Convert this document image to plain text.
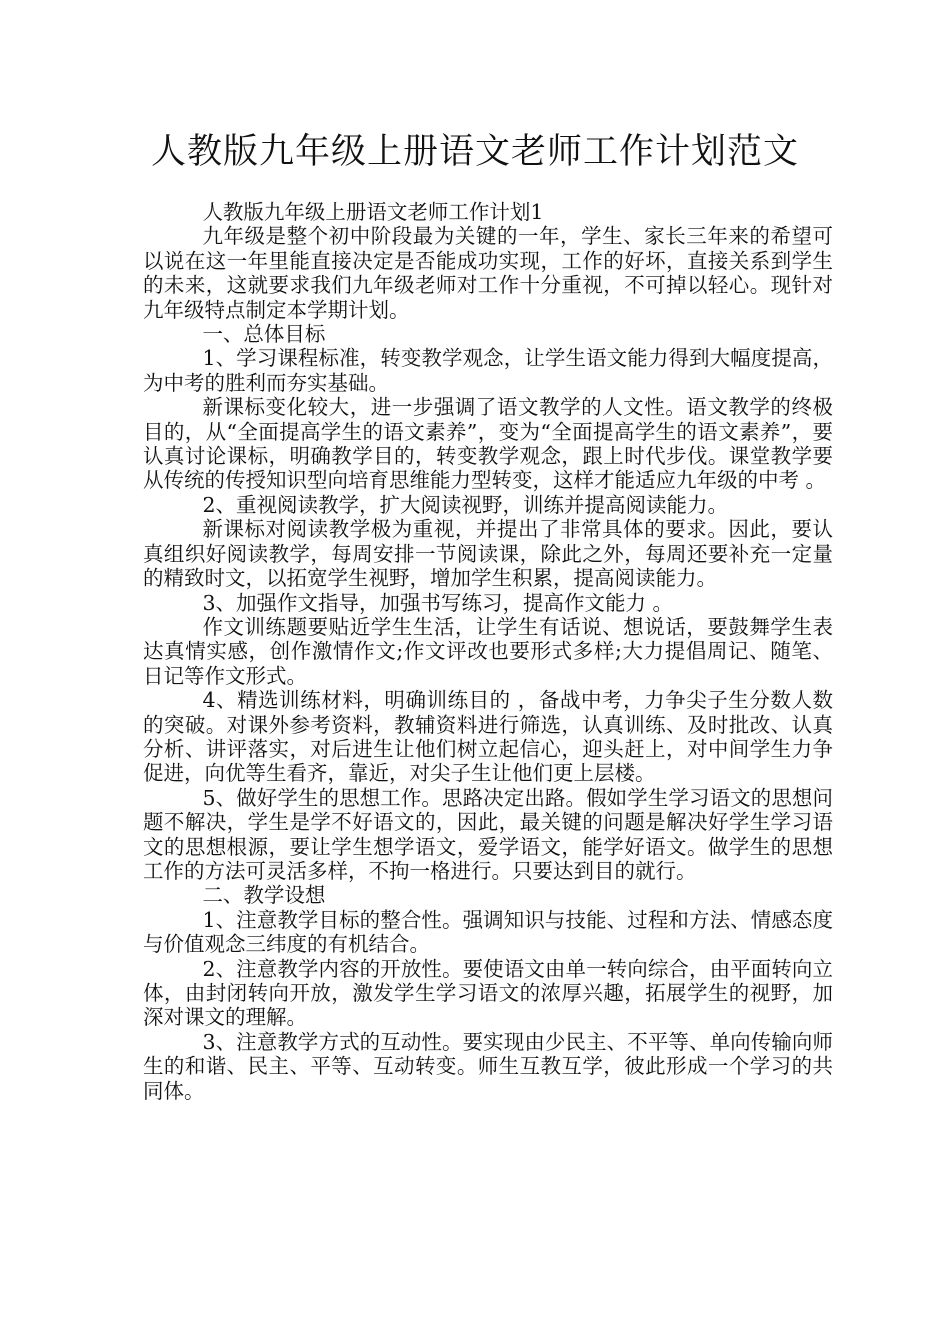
人教版九年级上册语文老师工作计划范文

人教版九年级上册语文老师工作计划1

九年级是整个初中阶段最为关键的一年，学生、家长三年来的希望可以说在这一年里能直接决定是否能成功实现，工作的好坏，直接关系到学生的未来，这就要求我们九年级老师对工作十分重视，不可掉以轻心。现针对九年级特点制定本学期计划。

一、总体目标

1、学习课程标准，转变教学观念，让学生语文能力得到大幅度提高，为中考的胜利而夯实基础。

新课标变化较大，进一步强调了语文教学的人文性。语文教学的终极目的，从“全面提高学生的语文素养”，变为“全面提高学生的语文素养”，要认真讨论课标，明确教学目的，转变教学观念，跟上时代步伐。课堂教学要从传统的传授知识型向培育思维能力型转变，这样才能适应九年级的中考 。

2、重视阅读教学，扩大阅读视野，训练并提高阅读能力。

新课标对阅读教学极为重视，并提出了非常具体的要求。因此，要认真组织好阅读教学，每周安排一节阅读课，除此之外，每周还要补充一定量的精致时文，以拓宽学生视野，增加学生积累，提高阅读能力。

3、加强作文指导，加强书写练习，提高作文能力 。

作文训练题要贴近学生生活，让学生有话说、想说话，要鼓舞学生表达真情实感，创作激情作文;作文评改也要形式多样;大力提倡周记、随笔、日记等作文形式。

4、精选训练材料，明确训练目的 ，备战中考，力争尖子生分数人数的突破。对课外参考资料，教辅资料进行筛选，认真训练、及时批改、认真分析、讲评落实，对后进生让他们树立起信心，迎头赶上，对中间学生力争促进，向优等生看齐，靠近，对尖子生让他们更上层楼。

5、做好学生的思想工作。思路决定出路。假如学生学习语文的思想问题不解决，学生是学不好语文的，因此，最关键的问题是解决好学生学习语文的思想根源，要让学生想学语文，爱学语文，能学好语文。做学生的思想工作的方法可灵活多样，不拘一格进行。只要达到目的就行。

二、教学设想

1、注意教学目标的整合性。强调知识与技能、过程和方法、情感态度与价值观念三纬度的有机结合。

2、注意教学内容的开放性。要使语文由单一转向综合，由平面转向立体，由封闭转向开放，激发学生学习语文的浓厚兴趣，拓展学生的视野，加深对课文的理解。

3、注意教学方式的互动性。要实现由少民主、不平等、单向传输向师生的和谐、民主、平等、互动转变。师生互教互学，彼此形成一个学习的共同体。
